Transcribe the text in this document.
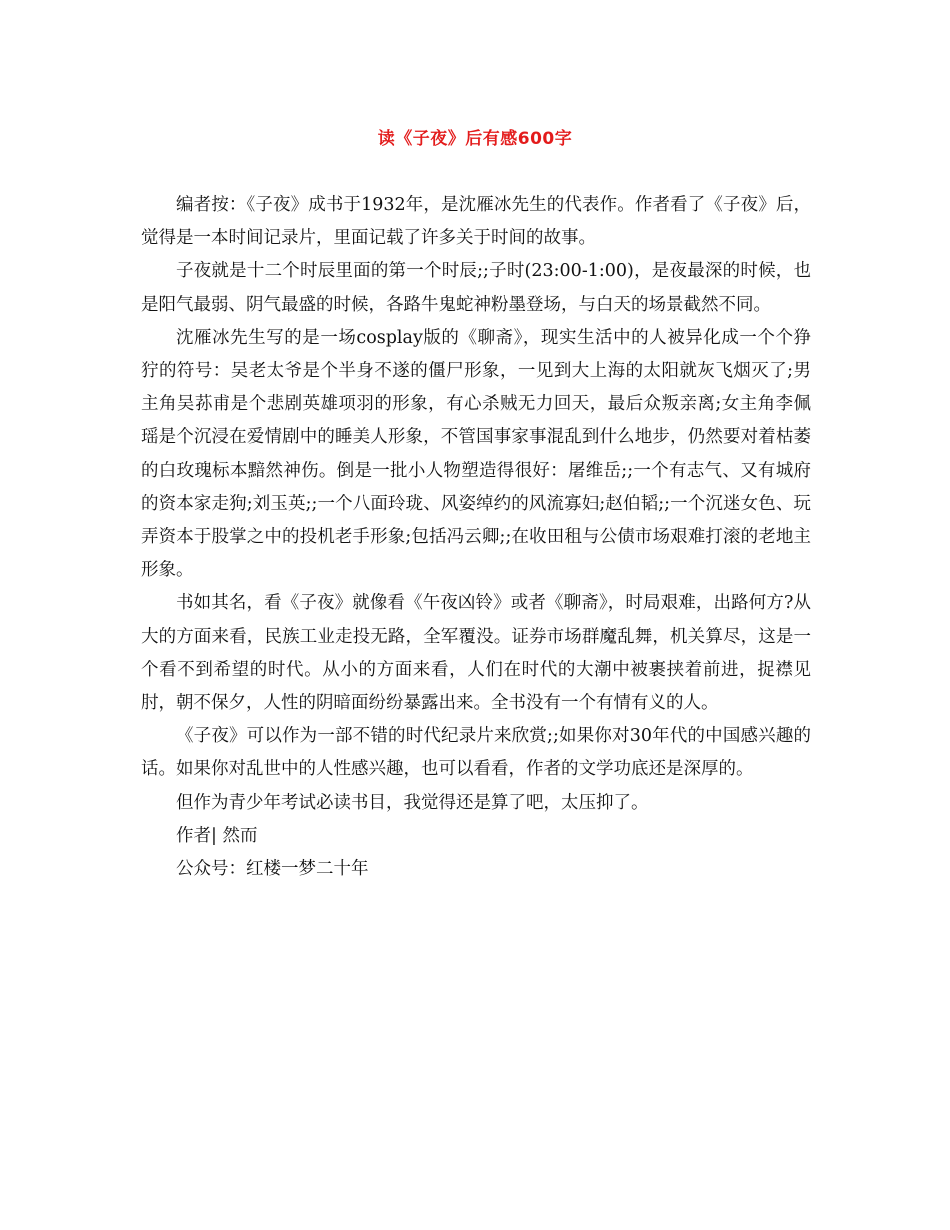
读《子夜》后有感600字

编者按：《子夜》成书于1932年，是沈雁冰先生的代表作。作者看了《子夜》后，觉得是一本时间记录片，里面记载了许多关于时间的故事。

子夜就是十二个时辰里面的第一个时辰;;子时(23:00-1:00)，是夜最深的时候，也是阳气最弱、阴气最盛的时候，各路牛鬼蛇神粉墨登场，与白天的场景截然不同。

沈雁冰先生写的是一场cosplay版的《聊斋》，现实生活中的人被异化成一个个狰狞的符号：吴老太爷是个半身不遂的僵尸形象，一见到大上海的太阳就灰飞烟灭了;男主角吴荪甫是个悲剧英雄项羽的形象，有心杀贼无力回天，最后众叛亲离;女主角李佩瑶是个沉浸在爱情剧中的睡美人形象，不管国事家事混乱到什么地步，仍然要对着枯萎的白玫瑰标本黯然神伤。倒是一批小人物塑造得很好：屠维岳;;一个有志气、又有城府的资本家走狗;刘玉英;;一个八面玲珑、风姿绰约的风流寡妇;赵伯韬;;一个沉迷女色、玩弄资本于股掌之中的投机老手形象;包括冯云卿;;在收田租与公债市场艰难打滚的老地主形象。

书如其名，看《子夜》就像看《午夜凶铃》或者《聊斋》，时局艰难，出路何方?从大的方面来看，民族工业走投无路，全军覆没。证券市场群魔乱舞，机关算尽，这是一个看不到希望的时代。从小的方面来看，人们在时代的大潮中被裹挟着前进，捉襟见肘，朝不保夕，人性的阴暗面纷纷暴露出来。全书没有一个有情有义的人。

《子夜》可以作为一部不错的时代纪录片来欣赏;;如果你对30年代的中国感兴趣的话。如果你对乱世中的人性感兴趣，也可以看看，作者的文学功底还是深厚的。

但作为青少年考试必读书目，我觉得还是算了吧，太压抑了。

作者| 然而

公众号：红楼一梦二十年
